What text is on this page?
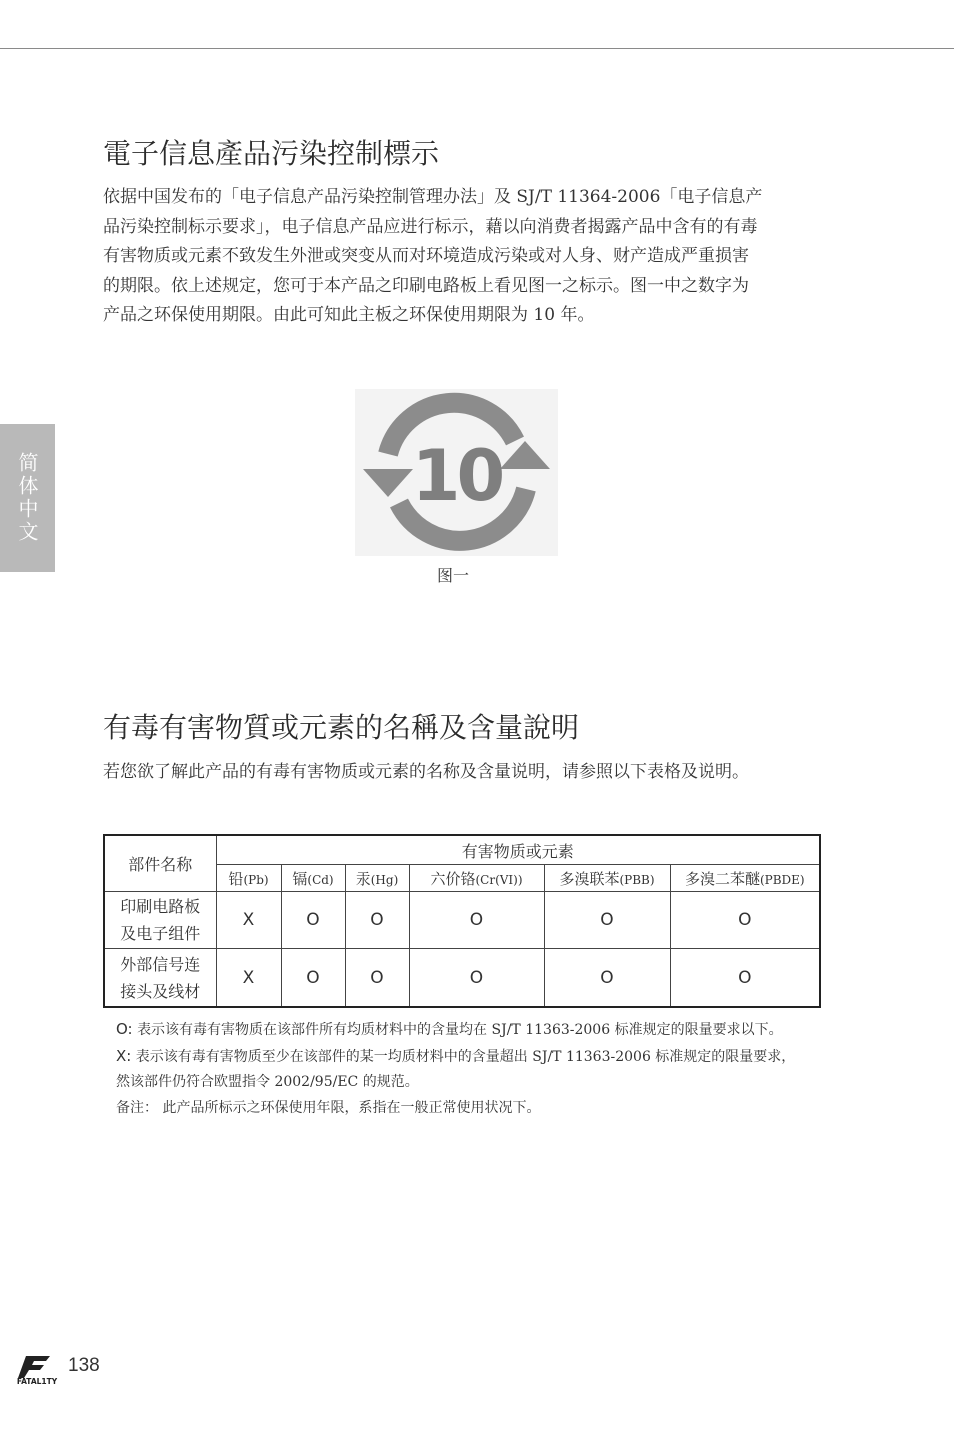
简体中文
電子信息產品污染控制標示

依据中国发布的「电子信息产品污染控制管理办法」及 SJ/T 11364-2006「电子信息产品污染控制标示要求」，电子信息产品应进行标示，藉以向消费者揭露产品中含有的有毒有害物质或元素不致发生外泄或突变从而对环境造成污染或对人身、财产造成严重损害的期限。依上述规定，您可于本产品之印刷电路板上看见图一之标示。图一中之数字为产品之环保使用期限。由此可知此主板之环保使用期限为 10 年。

10
图一
有毒有害物質或元素的名稱及含量說明

若您欲了解此产品的有毒有害物质或元素的名称及含量说明，请参照以下表格及说明。

部件名称	有害物质或元素					
	铅(Pb)	镉(Cd)	汞(Hg)	六价铬(Cr(VI))	多溴联苯(PBB)	多溴二苯醚(PBDE)
印刷电路板
及电子组件	X	O	O	O	O	O
外部信号连
接头及线材	X	O	O	O	O	O
O: 表示该有毒有害物质在该部件所有均质材料中的含量均在 SJ/T 11363-2006 标准规定的限量要求以下。
X: 表示该有毒有害物质至少在该部件的某一均质材料中的含量超出 SJ/T 11363-2006 标准规定的限量要求，然该部件仍符合欧盟指令 2002/95/EC 的规范。
备注： 此产品所标示之环保使用年限，系指在一般正常使用状况下。
FATAL1TY
138
